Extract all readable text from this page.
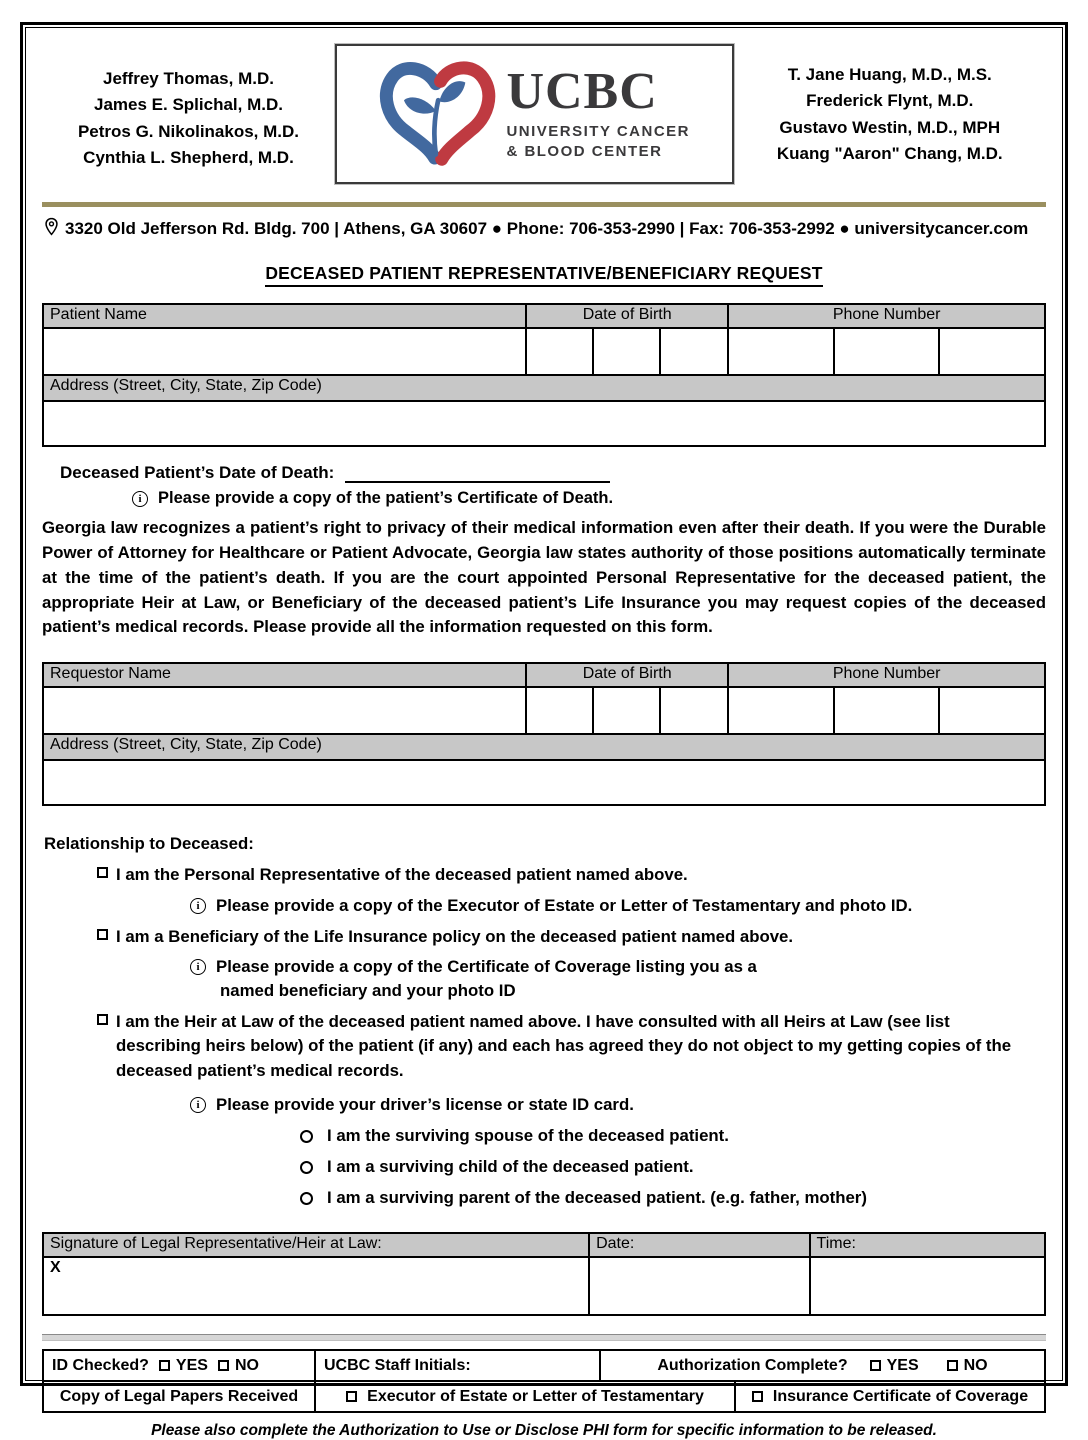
Jeffrey Thomas, M.D.
James E. Splichal, M.D.
Petros G. Nikolinakos, M.D.
Cynthia L. Shepherd, M.D.
UCBC
UNIVERSITY CANCER
& BLOOD CENTER
T. Jane Huang, M.D., M.S.
Frederick Flynt, M.D.
Gustavo Westin, M.D., MPH
Kuang "Aaron" Chang, M.D.
3320 Old Jefferson Rd. Bldg. 700 | Athens, GA 30607 ● Phone: 706-353-2990 | Fax: 706-353-2992 ● universitycancer.com
DECEASED PATIENT REPRESENTATIVE/BENEFICIARY REQUEST
Patient Name	Date of Birth			Phone Number		

Address (Street, City, State, Zip Code)						

Deceased Patient’s Date of Death:
i
Please provide a copy of the patient’s Certificate of Death.
Georgia law recognizes a patient’s right to privacy of their medical information even after their death. If you were the Durable Power of Attorney for Healthcare or Patient Advocate, Georgia law states authority of those positions automatically terminate at the time of the patient’s death. If you are the court appointed Personal Representative for the deceased patient, the appropriate Heir at Law, or Beneficiary of the deceased patient’s Life Insurance you may request copies of the deceased patient’s medical records. Please provide all the information requested on this form.
Requestor Name	Date of Birth			Phone Number		

Address (Street, City, State, Zip Code)						

Relationship to Deceased:
I am the Personal Representative of the deceased patient named above.
i
Please provide a copy of the Executor of Estate or Letter of Testamentary and photo ID.
I am a Beneficiary of the Life Insurance policy on the deceased patient named above.
i
Please provide a copy of the Certificate of Coverage listing you as a
named beneficiary and your photo ID
I am the Heir at Law of the deceased patient named above. I have consulted with all Heirs at Law (see list describing heirs below) of the patient (if any) and each has agreed they do not object to my getting copies of the deceased patient’s medical records.
i
Please provide your driver’s license or state ID card.
I am the surviving spouse of the deceased patient.
I am a surviving child of the deceased patient.
I am a surviving parent of the deceased patient. (e.g. father, mother)
Signature of Legal Representative/Heir at Law:	Date:	Time:
X		
ID Checked? YES NO	UCBC Staff Initials:	Authorization Complete? YES	NO
Copy of Legal Papers Received	Executor of Estate or Letter of Testamentary	Insurance Certificate of Coverage
Please also complete the Authorization to Use or Disclose PHI form for specific information to be released.
